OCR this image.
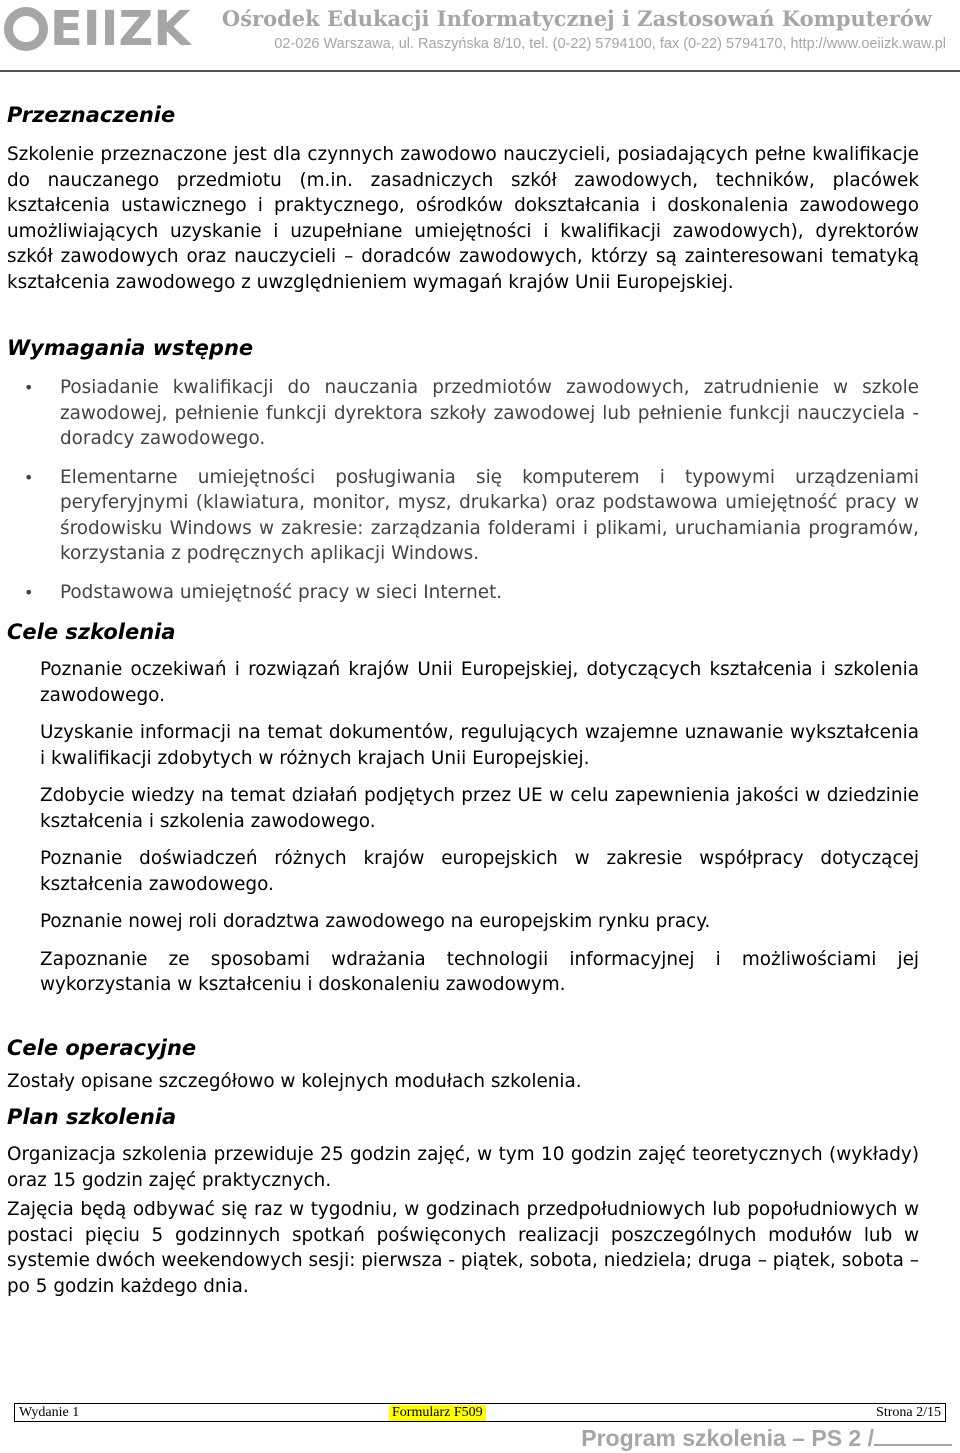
EIIZK Ośrodek Edukacji Informatycznej i Zastosowań Komputerów
02-026 Warszawa, ul. Raszyńska 8/10, tel. (0-22) 5794100, fax (0-22) 5794170, http://www.oeiizk.waw.pl
Przeznaczenie

Szkolenie przeznaczone jest dla czynnych zawodowo nauczycieli, posiadających pełne kwalifikacje do nauczanego przedmiotu (m.in. zasadniczych szkół zawodowych, techników, placówek kształcenia ustawicznego i praktycznego, ośrodków dokształcania i doskonalenia zawodowego umożliwiających uzyskanie i uzupełniane umiejętności i kwalifikacji zawodowych), dyrektorów szkół zawodowych oraz nauczycieli – doradców zawodowych, którzy są zainteresowani tematyką kształcenia zawodowego z uwzględnieniem wymagań krajów Unii Europejskiej.

Wymagania wstępne
• Posiadanie kwalifikacji do nauczania przedmiotów zawodowych, zatrudnienie w szkole zawodowej, pełnienie funkcji dyrektora szkoły zawodowej lub pełnienie funkcji nauczyciela - doradcy zawodowego.
• Elementarne umiejętności posługiwania się komputerem i typowymi urządzeniami peryferyjnymi (klawiatura, monitor, mysz, drukarka) oraz podstawowa umiejętność pracy w środowisku Windows w zakresie: zarządzania folderami i plikami, uruchamiania programów, korzystania z podręcznych aplikacji Windows.
• Podstawowa umiejętność pracy w sieci Internet.
Cele szkolenia

Poznanie oczekiwań i rozwiązań krajów Unii Europejskiej, dotyczących kształcenia i szkolenia zawodowego.

Uzyskanie informacji na temat dokumentów, regulujących wzajemne uznawanie wykształcenia i kwalifikacji zdobytych w różnych krajach Unii Europejskiej.

Zdobycie wiedzy na temat działań podjętych przez UE w celu zapewnienia jakości w dziedzinie kształcenia i szkolenia zawodowego.

Poznanie doświadczeń różnych krajów europejskich w zakresie współpracy dotyczącej kształcenia zawodowego.

Poznanie nowej roli doradztwa zawodowego na europejskim rynku pracy.

Zapoznanie ze sposobami wdrażania technologii informacyjnej i możliwościami jej wykorzystania w kształceniu i doskonaleniu zawodowym.

Cele operacyjne

Zostały opisane szczegółowo w kolejnych modułach szkolenia.

Plan szkolenia

Organizacja szkolenia przewiduje 25 godzin zajęć, w tym 10 godzin zajęć teoretycznych (wykłady) oraz 15 godzin zajęć praktycznych.

Zajęcia będą odbywać się raz w tygodniu, w godzinach przedpołudniowych lub popołudniowych w postaci pięciu 5 godzinnych spotkań poświęconych realizacji poszczególnych modułów lub w systemie dwóch weekendowych sesji: pierwsza - piątek, sobota, niedziela; druga – piątek, sobota – po 5 godzin każdego dnia.

Wydanie 1	Formularz F509	Strona 2/15
Program szkolenia – PS 2 /
